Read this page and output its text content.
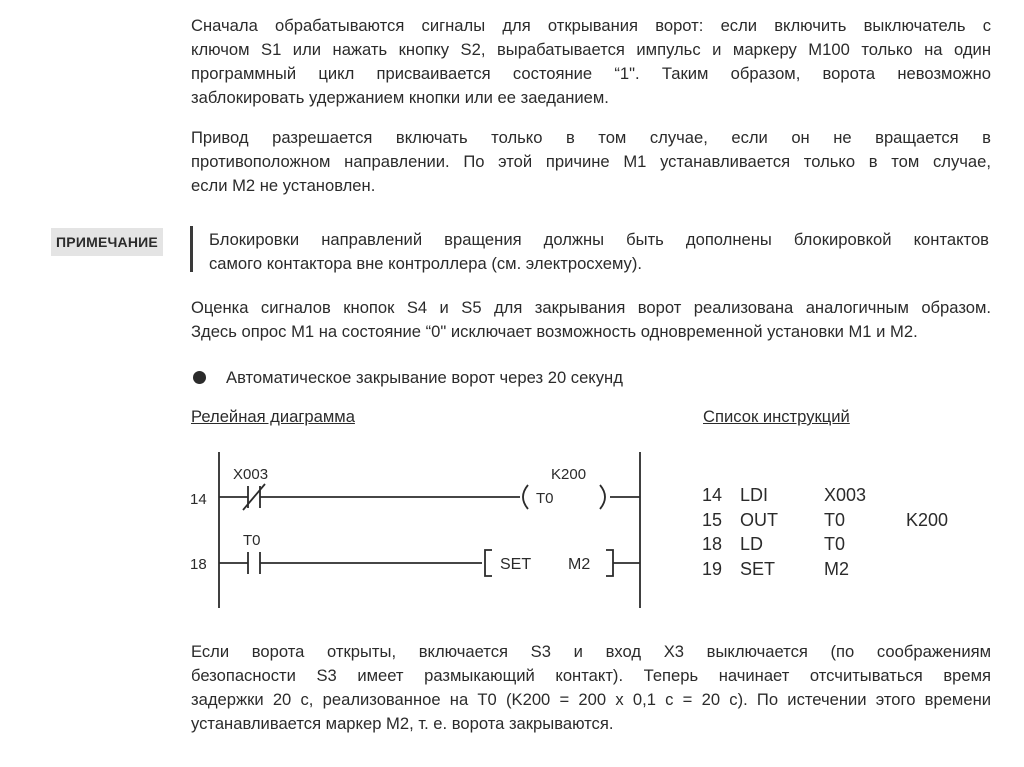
Сначала обрабатываются сигналы для открывания ворот: если включить выключатель с
ключом S1 или нажать кнопку S2, вырабатывается импульс и маркеру М100 только на один
программный цикл присваивается состояние “1". Таким образом, ворота невозможно
заблокировать удержанием кнопки или ее заеданием.
Привод разрешается включать только в том случае, если он не вращается в
противоположном направлении. По этой причине М1 устанавливается только в том случае,
если М2 не установлен.
ПРИМЕЧАНИЕ	Блокировки направлений вращения должны быть дополнены блокировкой контактов
самого контактора вне контроллера (см. электросхему).
Оценка сигналов кнопок S4 и S5 для закрывания ворот реализована аналогичным образом.
Здесь опрос М1 на состояние “0" исключает возможность одновременной установки М1 и М2.
Автоматическое закрывание ворот через 20 секунд
Релейная диаграмма	Список инструкций
14
X003	K200
T0
18
T0
SET M2
14 LDI	X003
15 OUT	T0	K200
18 LD	T0
19 SET	M2
Если ворота открыты, включается S3 и вход X3 выключается (по соображениям
безопасности S3 имеет размыкающий контакт). Теперь начинает отсчитываться время
задержки 20 с, реализованное на T0 (K200 = 200 x 0,1 с = 20 с). По истечении этого времени
устанавливается маркер М2, т. е. ворота закрываются.
